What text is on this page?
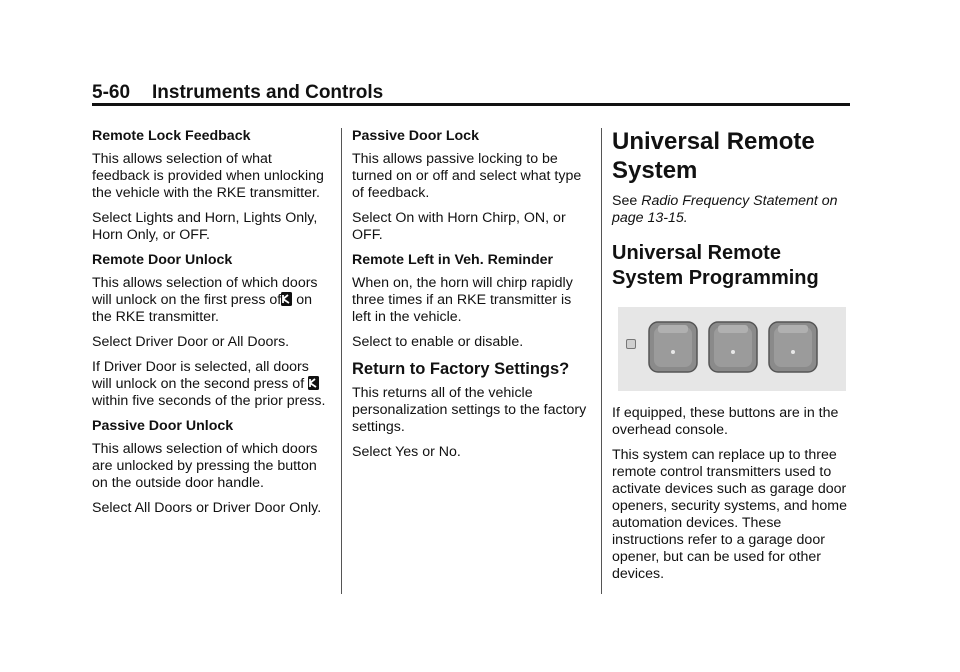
5-60 Instruments and Controls
Remote Lock Feedback

This allows selection of what feedback is provided when unlocking the vehicle with the RKE transmitter.

Select Lights and Horn, Lights Only, Horn Only, or OFF.

Remote Door Unlock

This allows selection of which doors will unlock on the first press of on the RKE transmitter.

Select Driver Door or All Doors.

If Driver Door is selected, all doors will unlock on the second press of
within five seconds of the prior press.

Passive Door Unlock

This allows selection of which doors are unlocked by pressing the button on the outside door handle.

Select All Doors or Driver Door Only.

Passive Door Lock

This allows passive locking to be turned on or off and select what type of feedback.

Select On with Horn Chirp, ON, or OFF.

Remote Left in Veh. Reminder

When on, the horn will chirp rapidly three times if an RKE transmitter is left in the vehicle.

Select to enable or disable.

Return to Factory Settings?

This returns all of the vehicle personalization settings to the factory settings.

Select Yes or No.

Universal Remote System

See Radio Frequency Statement on page 13-15.

Universal Remote System Programming

If equipped, these buttons are in the overhead console.

This system can replace up to three remote control transmitters used to activate devices such as garage door openers, security systems, and home automation devices. These instructions refer to a garage door opener, but can be used for other devices.
